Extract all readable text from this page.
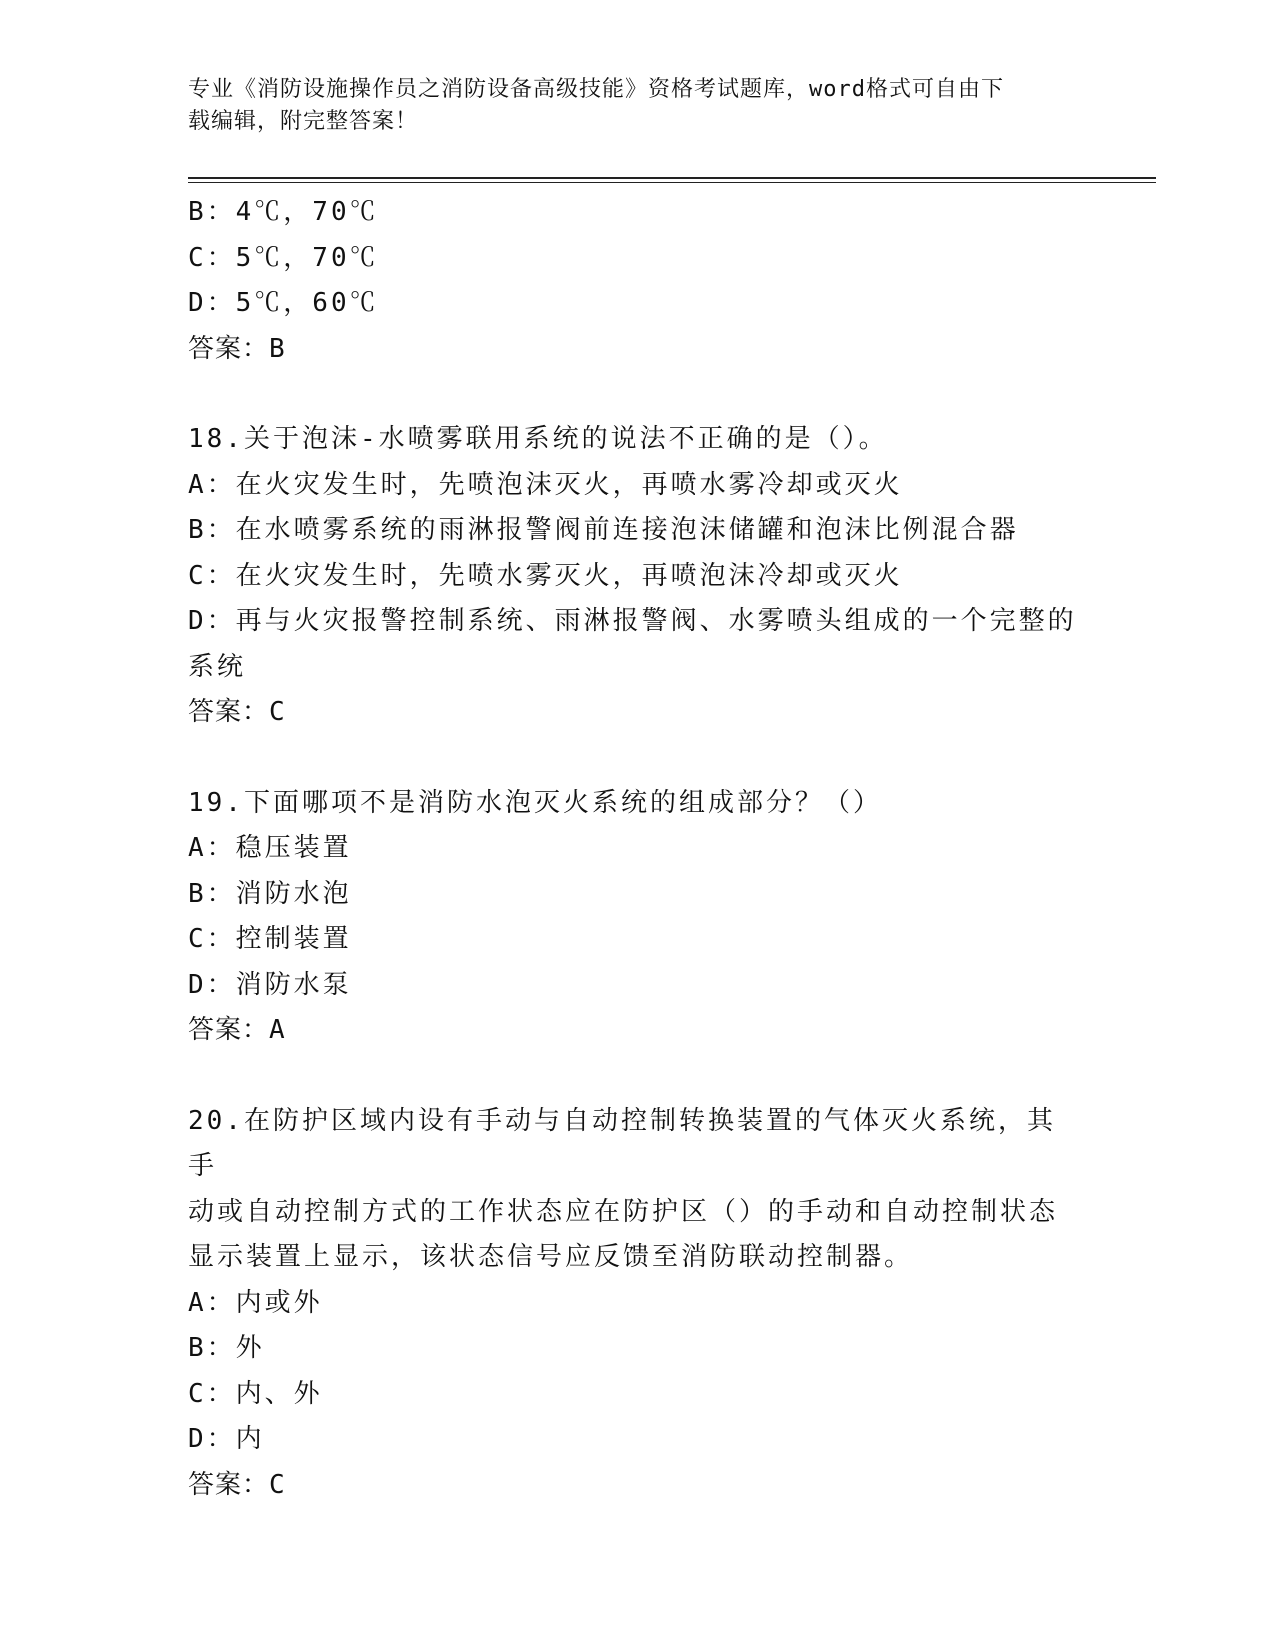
专业《消防设施操作员之消防设备高级技能》资格考试题库，word格式可自由下
载编辑，附完整答案！

B：4℃，70℃

C：5℃，70℃

D：5℃，60℃

答案：B

18.关于泡沫-水喷雾联用系统的说法不正确的是（）。

A：在火灾发生时，先喷泡沫灭火，再喷水雾冷却或灭火

B：在水喷雾系统的雨淋报警阀前连接泡沫储罐和泡沫比例混合器

C：在火灾发生时，先喷水雾灭火，再喷泡沫冷却或灭火

D：再与火灾报警控制系统、雨淋报警阀、水雾喷头组成的一个完整的

系统

答案：C

19.下面哪项不是消防水泡灭火系统的组成部分？（）

A：稳压装置

B：消防水泡

C：控制装置

D：消防水泵

答案：A

20.在防护区域内设有手动与自动控制转换装置的气体灭火系统，其手

动或自动控制方式的工作状态应在防护区（）的手动和自动控制状态

显示装置上显示，该状态信号应反馈至消防联动控制器。

A：内或外

B：外

C：内、外

D：内

答案：C
